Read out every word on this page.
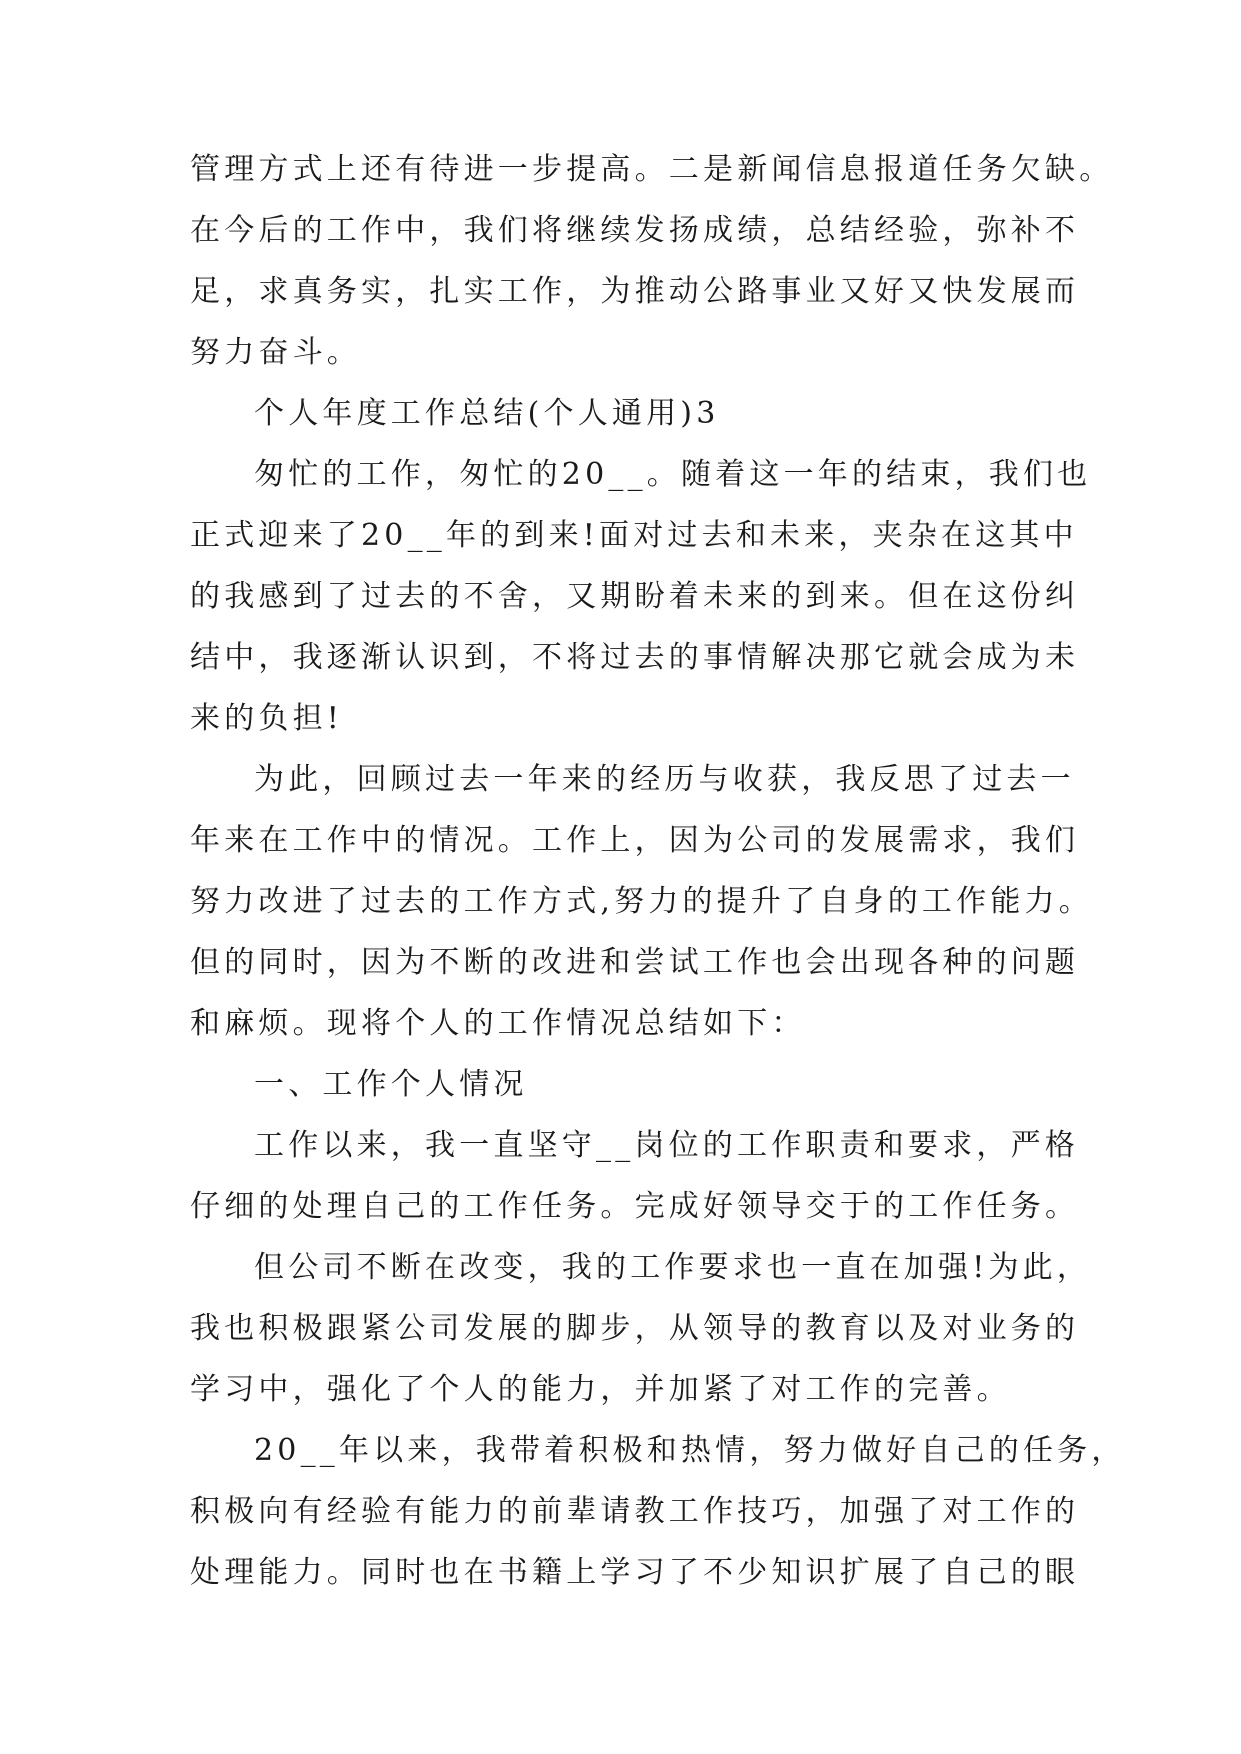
管理方式上还有待进一步提高。二是新闻信息报道任务欠缺。
在今后的工作中，我们将继续发扬成绩，总结经验，弥补不
足，求真务实，扎实工作，为推动公路事业又好又快发展而
努力奋斗。
个人年度工作总结(个人通用)3
匆忙的工作，匆忙的20__。随着这一年的结束，我们也
正式迎来了20__年的到来!面对过去和未来，夹杂在这其中
的我感到了过去的不舍，又期盼着未来的到来。但在这份纠
结中，我逐渐认识到，不将过去的事情解决那它就会成为未
来的负担!
为此，回顾过去一年来的经历与收获，我反思了过去一
年来在工作中的情况。工作上，因为公司的发展需求，我们
努力改进了过去的工作方式,努力的提升了自身的工作能力。
但的同时，因为不断的改进和尝试工作也会出现各种的问题
和麻烦。现将个人的工作情况总结如下：
一、工作个人情况
工作以来，我一直坚守__岗位的工作职责和要求，严格
仔细的处理自己的工作任务。完成好领导交于的工作任务。
但公司不断在改变，我的工作要求也一直在加强!为此，
我也积极跟紧公司发展的脚步，从领导的教育以及对业务的
学习中，强化了个人的能力，并加紧了对工作的完善。
20__年以来，我带着积极和热情，努力做好自己的任务，
积极向有经验有能力的前辈请教工作技巧，加强了对工作的
处理能力。同时也在书籍上学习了不少知识扩展了自己的眼
